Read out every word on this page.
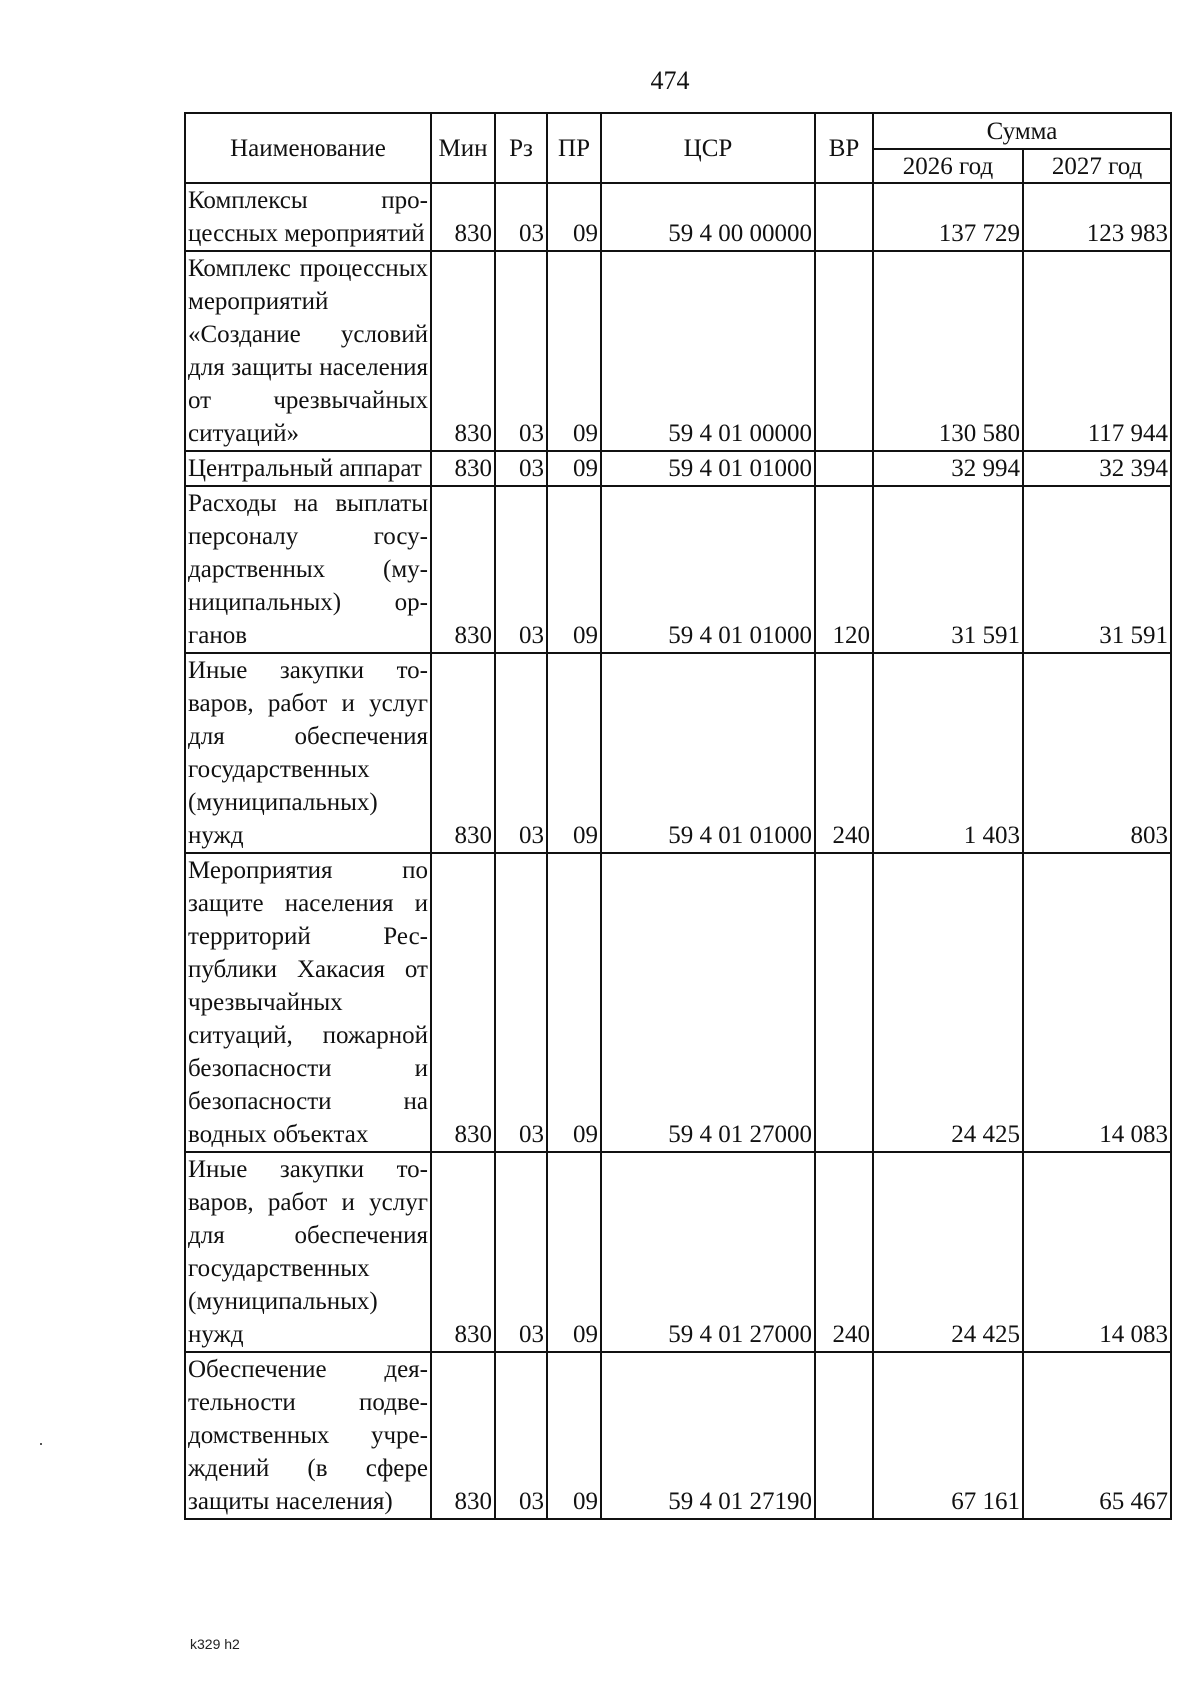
474
Наименование	Мин	Рз	ПР	ЦСР	ВР	Сумма	
						2026 год	2027 год
Комплексы процессных мероприятий	830	03	09	59 4 00 00000		137 729	123 983
Комплекс процессных мероприятий «Создание условий для защиты населения от чрезвычайных ситуаций»	830	03	09	59 4 01 00000		130 580	117 944
Центральный аппарат	830	03	09	59 4 01 01000		32 994	32 394
Расходы на выплаты персоналу государственных (муниципальных) органов	830	03	09	59 4 01 01000	120	31 591	31 591
Иные закупки товаров, работ и услуг для обеспечения государственных (муниципальных) нужд	830	03	09	59 4 01 01000	240	1 403	803
Мероприятия по защите населения и территорий Республики Хакасия от чрезвычайных ситуаций, пожарной безопасности и безопасности на водных объектах	830	03	09	59 4 01 27000		24 425	14 083
Иные закупки товаров, работ и услуг для обеспечения государственных (муниципальных) нужд	830	03	09	59 4 01 27000	240	24 425	14 083
Обеспечение деятельности подведомственных учреждений (в сфере защиты населения)	830	03	09	59 4 01 27190		67 161	65 467
k329 h2
